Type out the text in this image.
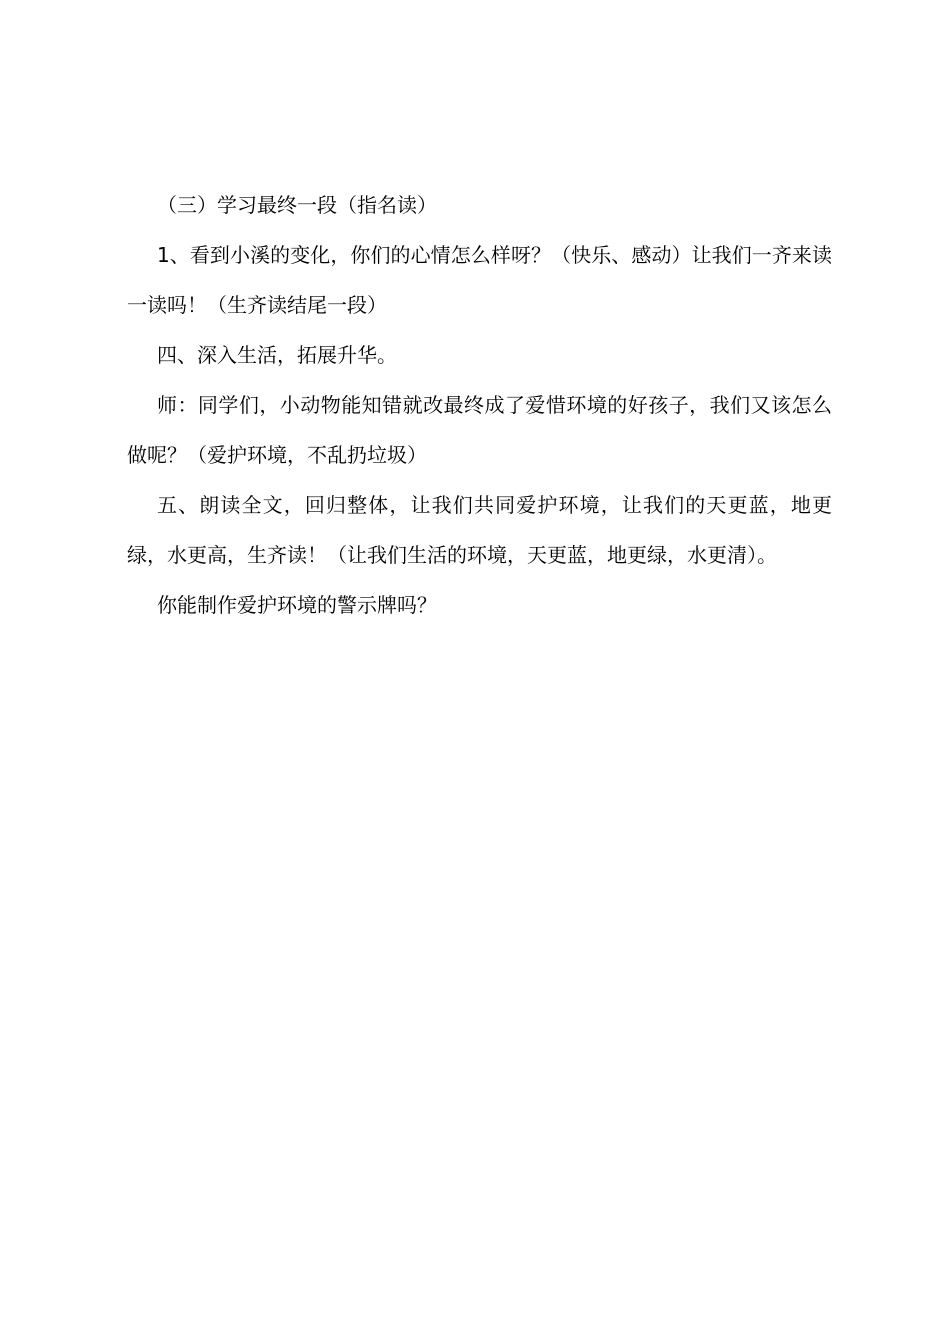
（三）学习最终一段（指名读）

1、看到小溪的变化，你们的心情怎么样呀？（快乐、感动）让我们一齐来读一读吗！（生齐读结尾一段）

四、深入生活，拓展升华。

师：同学们，小动物能知错就改最终成了爱惜环境的好孩子，我们又该怎么做呢？（爱护环境，不乱扔垃圾）

五、朗读全文，回归整体，让我们共同爱护环境，让我们的天更蓝，地更绿，水更高，生齐读！（让我们生活的环境，天更蓝，地更绿，水更清）。

你能制作爱护环境的警示牌吗？
